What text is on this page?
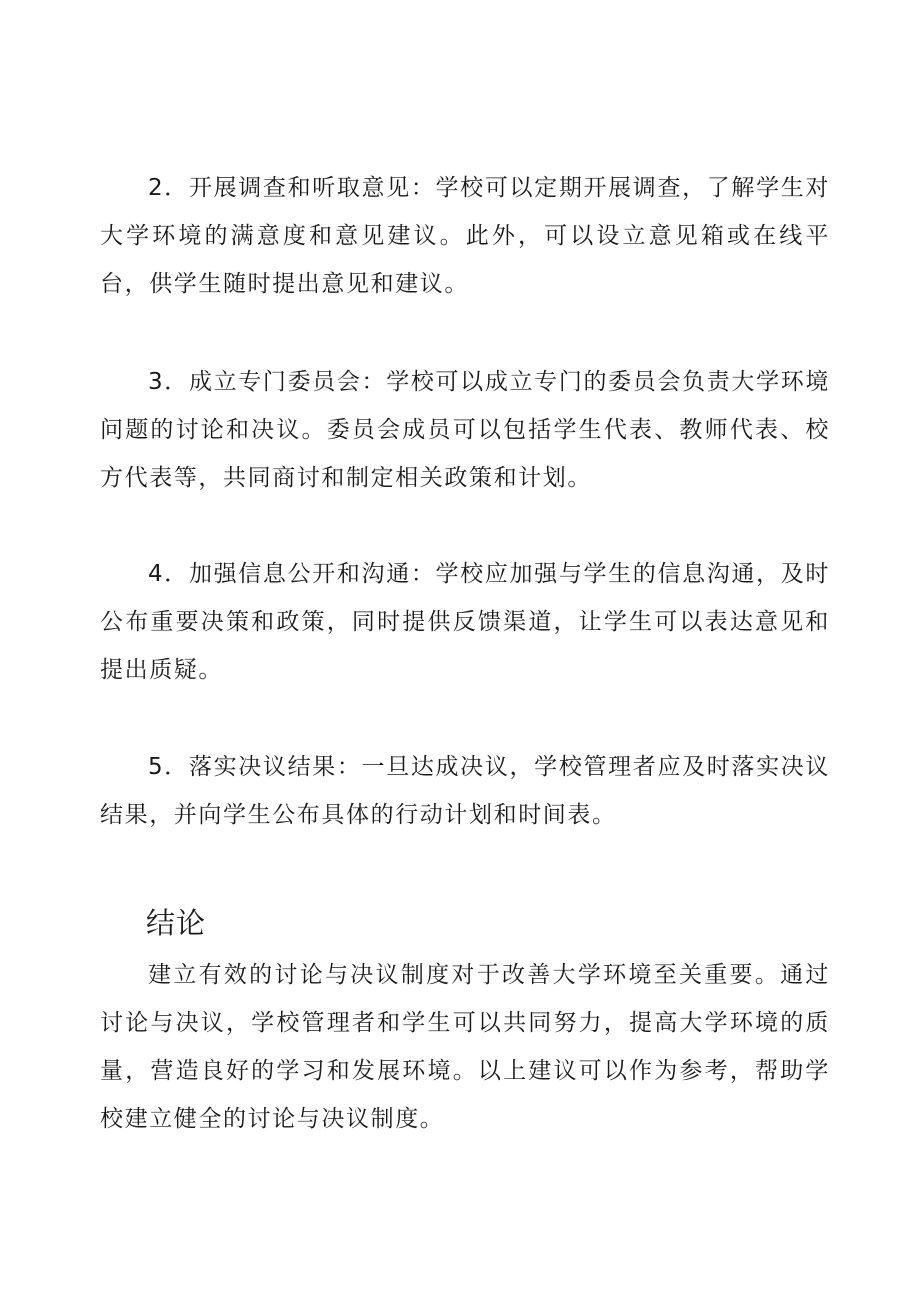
2．开展调查和听取意见：学校可以定期开展调查，了解学生对大学环境的满意度和意见建议。此外，可以设立意见箱或在线平台，供学生随时提出意见和建议。

3．成立专门委员会：学校可以成立专门的委员会负责大学环境问题的讨论和决议。委员会成员可以包括学生代表、教师代表、校方代表等，共同商讨和制定相关政策和计划。

4．加强信息公开和沟通：学校应加强与学生的信息沟通，及时公布重要决策和政策，同时提供反馈渠道，让学生可以表达意见和提出质疑。

5．落实决议结果：一旦达成决议，学校管理者应及时落实决议结果，并向学生公布具体的行动计划和时间表。

结论

建立有效的讨论与决议制度对于改善大学环境至关重要。通过讨论与决议，学校管理者和学生可以共同努力，提高大学环境的质量，营造良好的学习和发展环境。以上建议可以作为参考，帮助学校建立健全的讨论与决议制度。
